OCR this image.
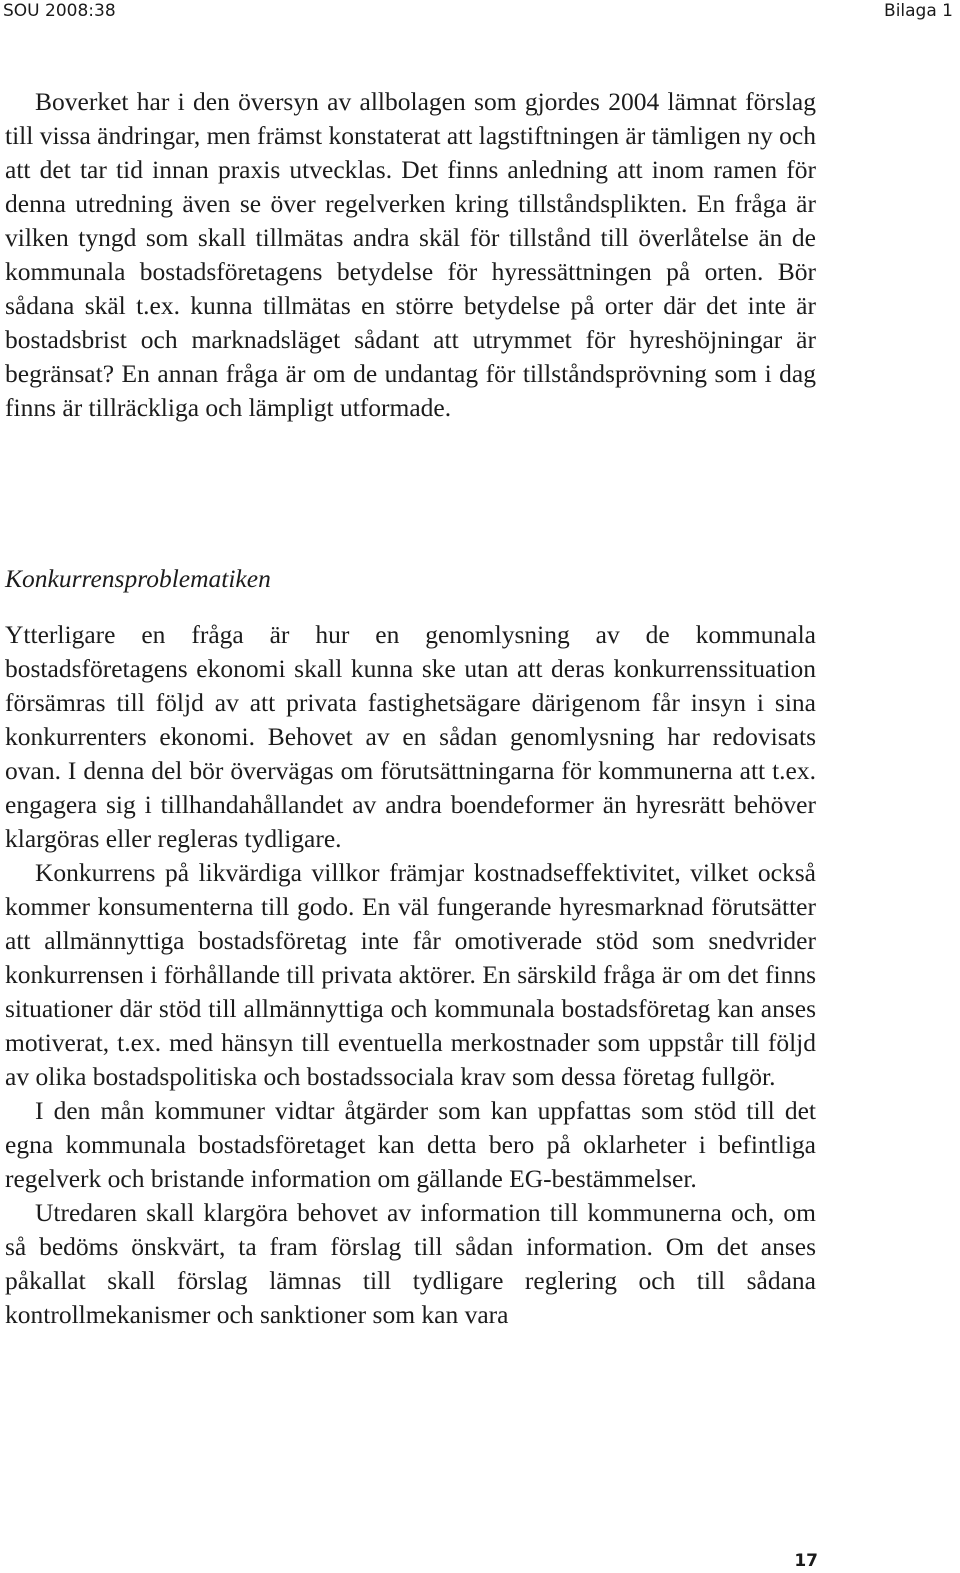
SOU 2008:38	Bilaga 1

Boverket har i den översyn av allbolagen som gjordes 2004 lämnat förslag till vissa ändringar, men främst konstaterat att lagstiftningen är tämligen ny och att det tar tid innan praxis utvecklas. Det finns anledning att inom ramen för denna utredning även se över regelverken kring tillståndsplikten. En fråga är vilken tyngd som skall tillmätas andra skäl för tillstånd till överlåtelse än de kommunala bostadsföretagens betydelse för hyressättningen på orten. Bör sådana skäl t.ex. kunna tillmätas en större betydelse på orter där det inte är bostadsbrist och marknadsläget sådant att utrymmet för hyreshöjningar är begränsat? En annan fråga är om de undantag för tillståndsprövning som i dag finns är tillräckliga och lämpligt utformade.

Konkurrensproblematiken

Ytterligare en fråga är hur en genomlysning av de kommunala bostadsföretagens ekonomi skall kunna ske utan att deras konkurrenssituation försämras till följd av att privata fastighetsägare därigenom får insyn i sina konkurrenters ekonomi. Behovet av en sådan genomlysning har redovisats ovan. I denna del bör övervägas om förutsättningarna för kommunerna att t.ex. engagera sig i tillhandahållandet av andra boendeformer än hyresrätt behöver klargöras eller regleras tydligare.

Konkurrens på likvärdiga villkor främjar kostnadseffektivitet, vilket också kommer konsumenterna till godo. En väl fungerande hyresmarknad förutsätter att allmännyttiga bostadsföretag inte får omotiverade stöd som snedvrider konkurrensen i förhållande till privata aktörer. En särskild fråga är om det finns situationer där stöd till allmännyttiga och kommunala bostadsföretag kan anses motiverat, t.ex. med hänsyn till eventuella merkostnader som uppstår till följd av olika bostadspolitiska och bostadssociala krav som dessa företag fullgör.

I den mån kommuner vidtar åtgärder som kan uppfattas som stöd till det egna kommunala bostadsföretaget kan detta bero på oklarheter i befintliga regelverk och bristande information om gällande EG-bestämmelser.

Utredaren skall klargöra behovet av information till kommunerna och, om så bedöms önskvärt, ta fram förslag till sådan information. Om det anses påkallat skall förslag lämnas till tydligare reglering och till sådana kontrollmekanismer och sanktioner som kan vara

17
